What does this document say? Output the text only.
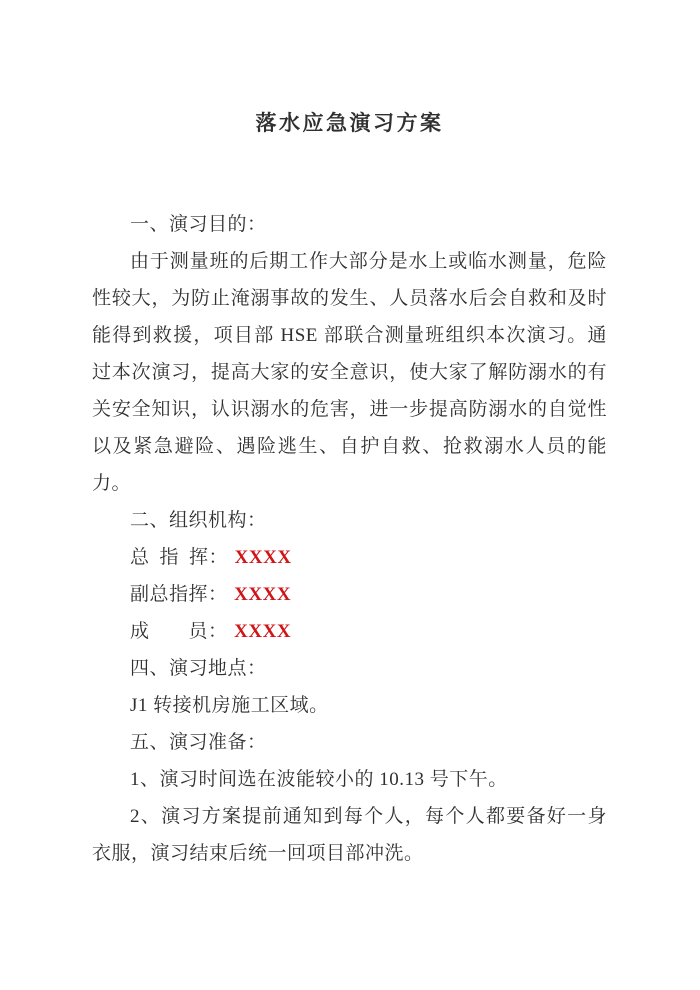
落水应急演习方案

一、演习目的：

由于测量班的后期工作大部分是水上或临水测量，危险性较大，为防止淹溺事故的发生、人员落水后会自救和及时能得到救援，项目部 HSE 部联合测量班组织本次演习。通过本次演习，提高大家的安全意识，使大家了解防溺水的有关安全知识，认识溺水的危害，进一步提高防溺水的自觉性以及紧急避险、遇险逃生、自护自救、抢救溺水人员的能力。

二、组织机构：

总 指 挥： XXXX

副总指挥： XXXX

成　　员： XXXX

四、演习地点：

J1 转接机房施工区域。

五、演习准备：

1、演习时间选在波能较小的 10.13 号下午。

2、演习方案提前通知到每个人，每个人都要备好一身衣服，演习结束后统一回项目部冲洗。
